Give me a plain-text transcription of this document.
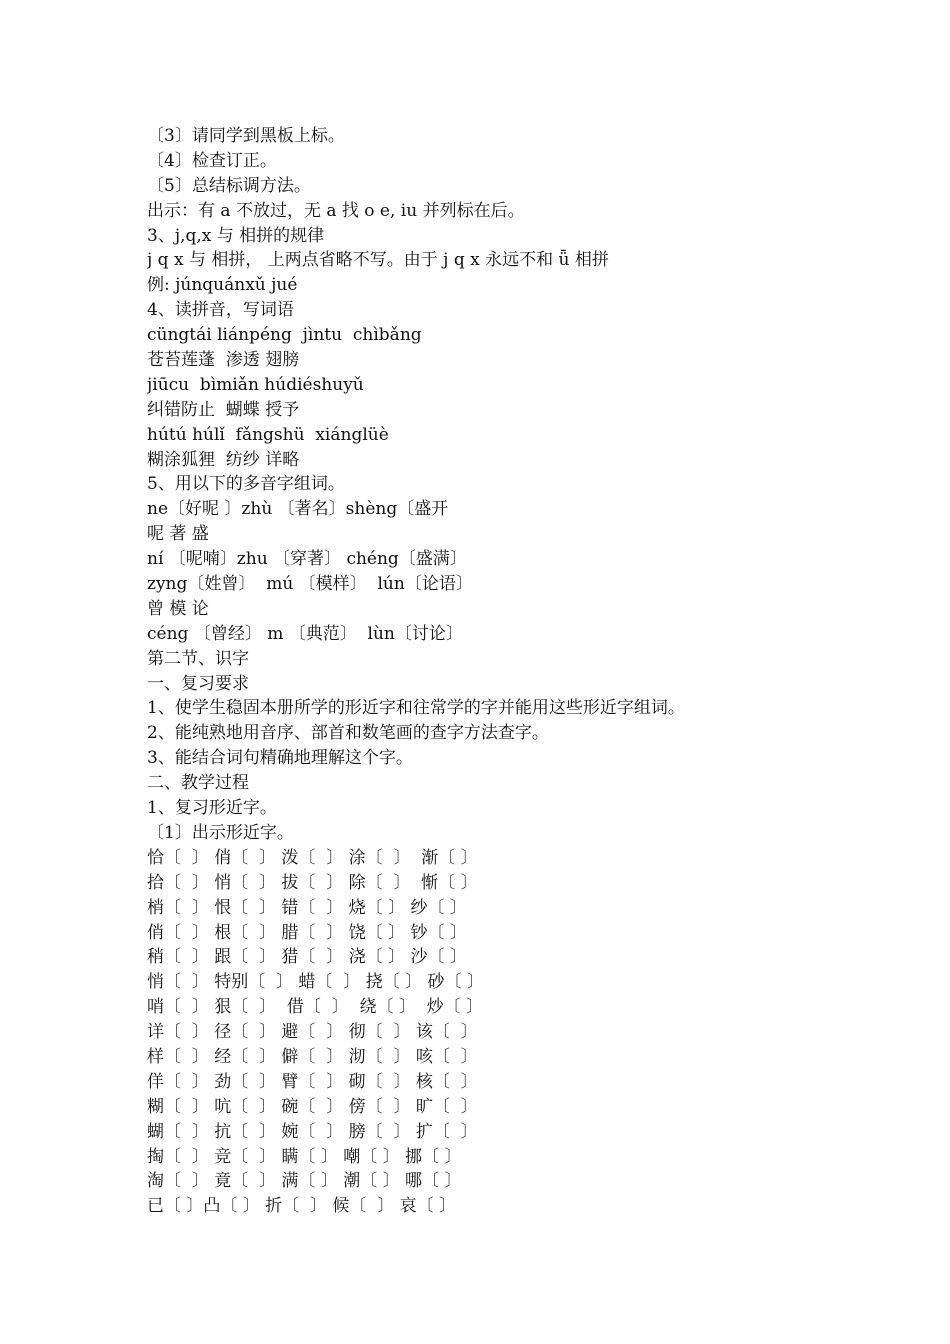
〔3〕请同学到黑板上标。
〔4〕检查订正。
〔5〕总结标调方法。
出示：有 a 不放过，无 a 找 o e, iu 并列标在后。
3、j,q,x 与 相拼的规律
j q x 与 相拼， 上两点省略不写。由于 j q x 永远不和 ǖ 相拼
例: júnquánxǔ jué
4、读拼音，写词语
cüngtái liánpéng  jìntu  chìbǎng
苍苔莲蓬  渗透 翅膀
jiūcu  bìmiǎn húdiéshuyǔ
纠错防止  蝴蝶 授予
hútú húlǐ  fǎngshü  xiánglüè
糊涂狐狸  纺纱 详略
5、用以下的多音字组词。
ne〔好呢 〕zhù 〔著名〕shèng〔盛开
呢 著 盛
ní 〔呢喃〕zhu 〔穿著〕 chéng〔盛满〕
zyng〔姓曾〕  mú 〔模样〕  lún〔论语〕
曾 模 论
céng 〔曾经〕 m 〔典范〕  lùn〔讨论〕
第二节、识字
一、复习要求
1、使学生稳固本册所学的形近字和往常学的字并能用这些形近字组词。
2、能纯熟地用音序、部首和数笔画的查字方法查字。
3、能结合词句精确地理解这个字。
二、教学过程
1、复习形近字。
〔1〕出示形近字。
恰〔  〕 俏〔  〕 泼〔  〕 涂〔  〕  渐〔 〕
拾〔  〕 悄〔  〕 拔〔  〕 除〔  〕  惭〔 〕
梢〔  〕 恨〔  〕 错〔  〕 烧〔 〕 纱〔 〕
俏〔  〕 根〔  〕 腊〔  〕 饶〔 〕 钞〔 〕
稍〔  〕 跟〔  〕 猎〔  〕 浇〔 〕 沙〔 〕
悄〔  〕 特别〔  〕 蜡〔  〕 挠〔 〕 砂〔 〕
哨〔  〕 狠〔  〕  借〔  〕  绕〔 〕  炒〔 〕
详〔  〕 径〔  〕 避〔  〕 彻〔  〕 该〔  〕
样〔  〕 经〔  〕 僻〔  〕 沏〔  〕 咳〔  〕
佯〔  〕 劲〔  〕 臂〔  〕 砌〔  〕 核〔  〕
糊〔  〕 吭〔  〕 碗〔  〕 傍〔  〕 旷〔  〕
蝴〔  〕 抗〔  〕 婉〔  〕 膀〔  〕 扩〔  〕
掏〔  〕 竞〔  〕 瞒〔 〕 嘲〔 〕 挪〔 〕
淘〔  〕 竟〔  〕 满〔 〕 潮〔 〕 哪〔 〕
已〔 〕凸〔 〕 折〔  〕 候〔  〕 哀〔 〕
